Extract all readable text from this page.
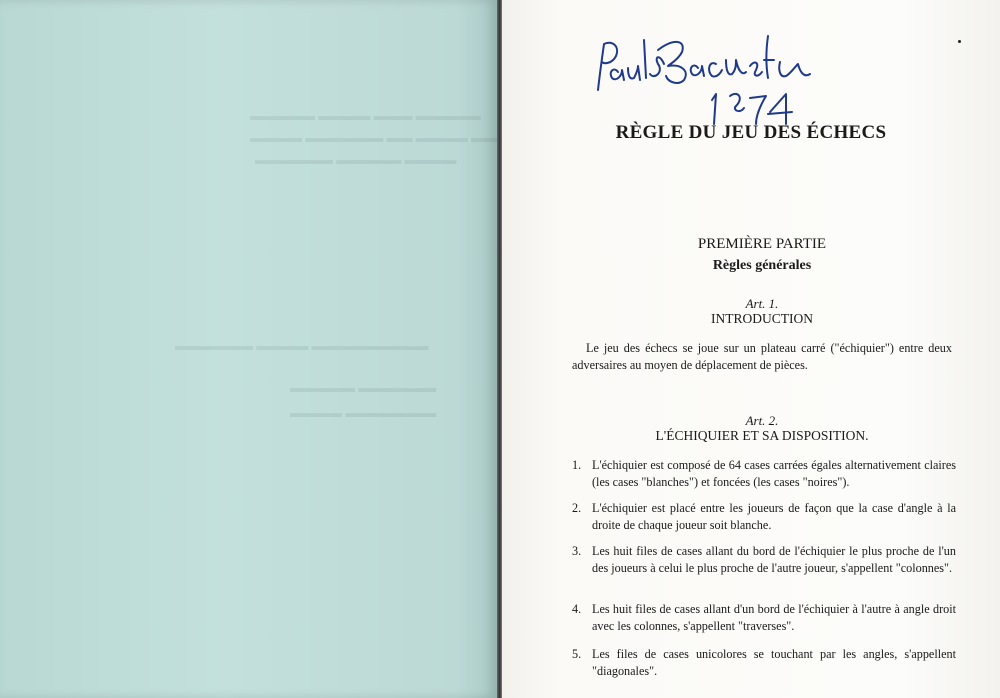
▬▬▬▬▬ ▬▬▬▬ ▬▬▬ ▬▬▬▬▬
▬▬▬▬ ▬▬▬▬▬▬ ▬▬ ▬▬▬▬ ▬▬
▬▬▬▬▬▬ ▬▬▬▬▬ ▬▬▬▬
▬▬▬▬▬▬ ▬▬▬▬ ▬▬▬▬▬▬▬▬▬
▬▬▬▬▬ ▬▬▬▬▬▬
▬▬▬▬ ▬▬▬▬▬▬▬
RÈGLE DU JEU DES ÉCHECS
PREMIÈRE PARTIE
Règles générales
Art. 1.
INTRODUCTION
Le jeu des échecs se joue sur un plateau carré ("échiquier") entre deux adversaires au moyen de déplacement de pièces.
Art. 2.
L'ÉCHIQUIER ET SA DISPOSITION.
1. L'échiquier est composé de 64 cases carrées égales alternativement claires (les cases "blanches") et foncées (les cases "noires").
2. L'échiquier est placé entre les joueurs de façon que la case d'angle à la droite de chaque joueur soit blanche.
3. Les huit files de cases allant du bord de l'échiquier le plus proche de l'un des joueurs à celui le plus proche de l'autre joueur, s'appellent "colonnes".
4. Les huit files de cases allant d'un bord de l'échiquier à l'autre à angle droit avec les colonnes, s'appellent "traverses".
5. Les files de cases unicolores se touchant par les angles, s'appellent "diagonales".
